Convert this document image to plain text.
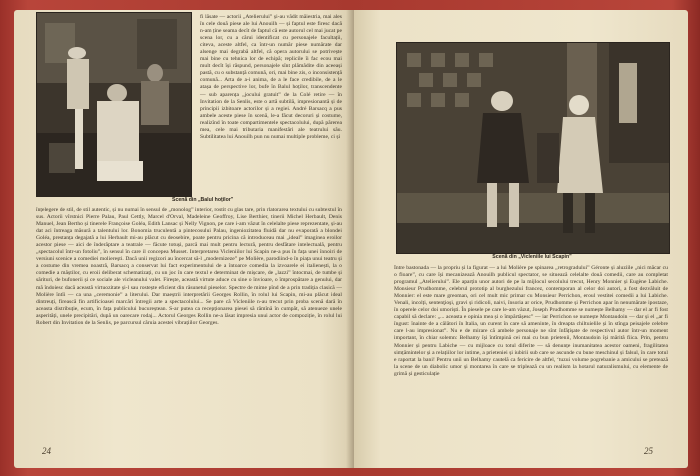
Scenă din „Balul hoților”
fi lăsate — actorii „Atelierului” și-au vădit măiestria, mai ales în cele două piese ale lui Anouilh — și faptul este firesc dacă n-am ține seama decît de faptul că este autorul cel mai jucat pe scena lor, cu a cărui identificat cu personajele facultații, citeva, aceste altfel, ca într-un număr piese numărate dar alsenge mai degrabă altfel, că opera autorului se potrivește mai bine cu tehnica lor de echipă; replicile îi fac ecou mai mult decît își răspund, personajele sînt plămădite din aceeași pastă, cu o substanță comună, ori, mai bine zis, o inconsistență comună... Arta de a-i anima, de a le face credibile, de a le atașa de perspective lor, bufe în Balul hoților, transcendente — sub aparența „jocului gratuit” de la Colé retire — în Invitation de la Senlis, este o artă subtilă, impresionantă și de principii izbitoare actorilor și a regiei. André Barsacq a pus ambele aceste piese în scenă, le-a făcut decoruri și costume, realizînd în toate compartimentele spectacolului, după părerea mea, cele mai tributaria manifestări ale teatrului său. Subtilitatea lui Anouilh pun nu numai multiple probleme, ci și
înțelegere de stil, de stil autentic, și nu numai în sensul de „monolog” interior, rostit cu glas tare, prin rlatorarea textului cu subtextul în sus. Actorii vîrstnici Pierre Palau, Paul Cettly, Marcel d'Orval, Madeleine Geoffroy, Lise Berthier, tinerii Michel Herbault, Denis Manuel, Jean Bertho și tinerele Françoise Goléa, Edith Lansac și Nelly Vignon, pe care i-am văzut în celelalte piese reprezentate, și-au dat aci întreaga măsură a talentului lor. Bonomia truculentă a pintecosului Palau, ingeniozitatea fluidă dar nu evaporată a blondei Goléa, prestanța degajată a lui Herbault mi-au plăcut cu deosebire, poate pentru pricina că introduceau mai „ideal” imaginea eroilor acestor piese — aici de înderăptare a teatrale — făcute totuși, parcă mai mult pentru lectură, pentru desfătare intelectuală, pentru „spectacolul într-un fotoliu”, în sensul în care il concepea Musset. Interpretarea Vicleniilor lui Scapin ne-a pus în fața unei înnoiri de versiuni scenice a comediei moliereşti. Dacă unii regizori au încercat să-l „modernizeze” pe Molière, parodiind-o în piața unui teatru și a costume din vremea noastră, Barsacq a conservat lui fact experimentului de a întoarce comedia la izvoarele ei italienești, la o comedie a măștilor, cu eroii deliberat schematizați, cu un joc în care textul e determinat de mișcare, de „lazzi” întocmai, de tumbe și sărituri, de bufonerii și ce sociale ale vicleanului valet. Firește, această virtute aduce cu sine o învioare, o împrospătare a genului, dar mă îndoiesc dacă această virtuozitate și-l sau rostește eficient din răsunetul pieselor. Spectre de mime pînd de a prin tradiția clasică — Molière întîi — ca una „ceremonie” a literului. Dar maeștrii interpretării Georges Rollin, în rolul lui Scapin, mi-au plăcut ideal dintreuți, firească fin artificioasei marcări întregii arte a spectacolului... Se pare că Vicleniile n-au trecut prin proba scenă dară în aceasta distribuție, ecum, în fața publicului bucureștean. S-ar putea ca recepționarea piesei să rămînă în cumpăt, să atenueze unele asperități, unele precipitări, după un oarecare rodaj... Actorul Georges Rollin ne-a lăsat impresia unui actor de compoziție, în rolul lui Robert din Invitation de la Senlis, pe parcursul căruia acestei vibrațiilor Georges.
24
Scenă din „Vicleniile lui Scapin”
Între bastonada — la propriu și la figurat — a lui Molière pe spinarea „retrogradului” Géronte și aluziile „nici măcar cu o floare”, cu care își mecanizează Anouilh publicul spectator, se situează celelalte două comedii, care au completat programul „Atelierului”. Ele aparțin unor autori de pe la mijlocul secolului trecut, Henry Monnier și Eugène Labiche. Monsieur Prudhomme, celebrul prototip al burghezului francez, contemporan al celor doi autori, a fost dezvăluit de Monnier: el este mare greoman, ori cel mult mic primar cu Monsieur Perrichon, eroul vestitei comedii a lui Labiche. Venali, incolți, sentenţioşi, gravi și ridicoli, naivi, însoria ar orice, Prudhomme și Perrichon apar în nenumărate ipostaze, în operele celor doi umoriști. În piesele pe care le-am văzut, Joseph Prudhomme se numește Belhamy — dar el ar fi fost capabil să declare: „... aceasta e opinia mea și o împărtășesc” — iar Perrichon se numește Montaudoin — dar și el „ar fi îngust: înainte de a călători în Italia, un curent în care să ameninte, în dreapta chiltuielile și în stînga peisajele celebre care l-au impresionat”. Nu e de mirare că ambele personaje ne sînt înfățișate de respectivul autor într-un moment important, în chiar solemn: Belhamy își întîmpină cei mai cu bun prietenii, Montaudoin își mărită fiica. Prin, pentru Monnier și pentru Labiche — cu mijloace cu totul diferite — să denunțe inumanitatea acestor oameni, fragilitatea simțămintelor și a relațiilor lor intime, a prieteniei și iubirii sub care se ascunde cu bune meschinul și falsul, în care totul e raportat la bani! Pentru unii un Belhamy cautelă ca fericire de altfel, ‘tuzui volume pogrebanie a amicului se pretează la scene de un diabolic umor și montarea în care se triplează cu un realism la hotarul naturalismului, cu elemente de grimă și gesticulație
25
